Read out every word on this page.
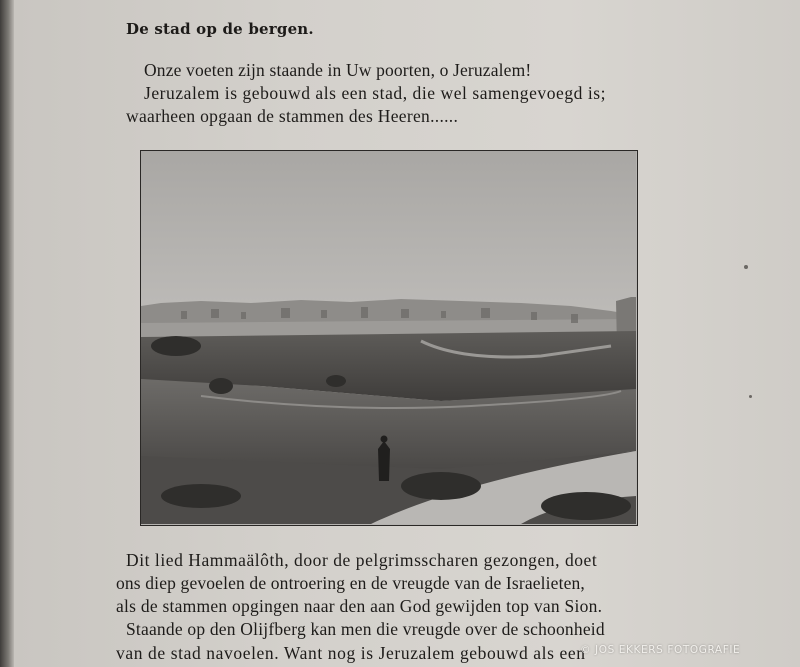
De stad op de bergen.
Onze voeten zijn staande in Uw poorten, o Jeruzalem!
Jeruzalem is gebouwd als een stad, die wel samengevoegd is;
waarheen opgaan de stammen des Heeren......
Dit lied Hammaälôth, door de pelgrimsscharen gezongen, doet
ons diep gevoelen de ontroering en de vreugde van de Israelieten,
als de stammen opgingen naar den aan God gewijden top van Sion.
Staande op den Olijfberg kan men die vreugde over de schoonheid
van de stad navoelen. Want nog is Jeruzalem gebouwd als een
© JOS EKKERS FOTOGRAFIE
